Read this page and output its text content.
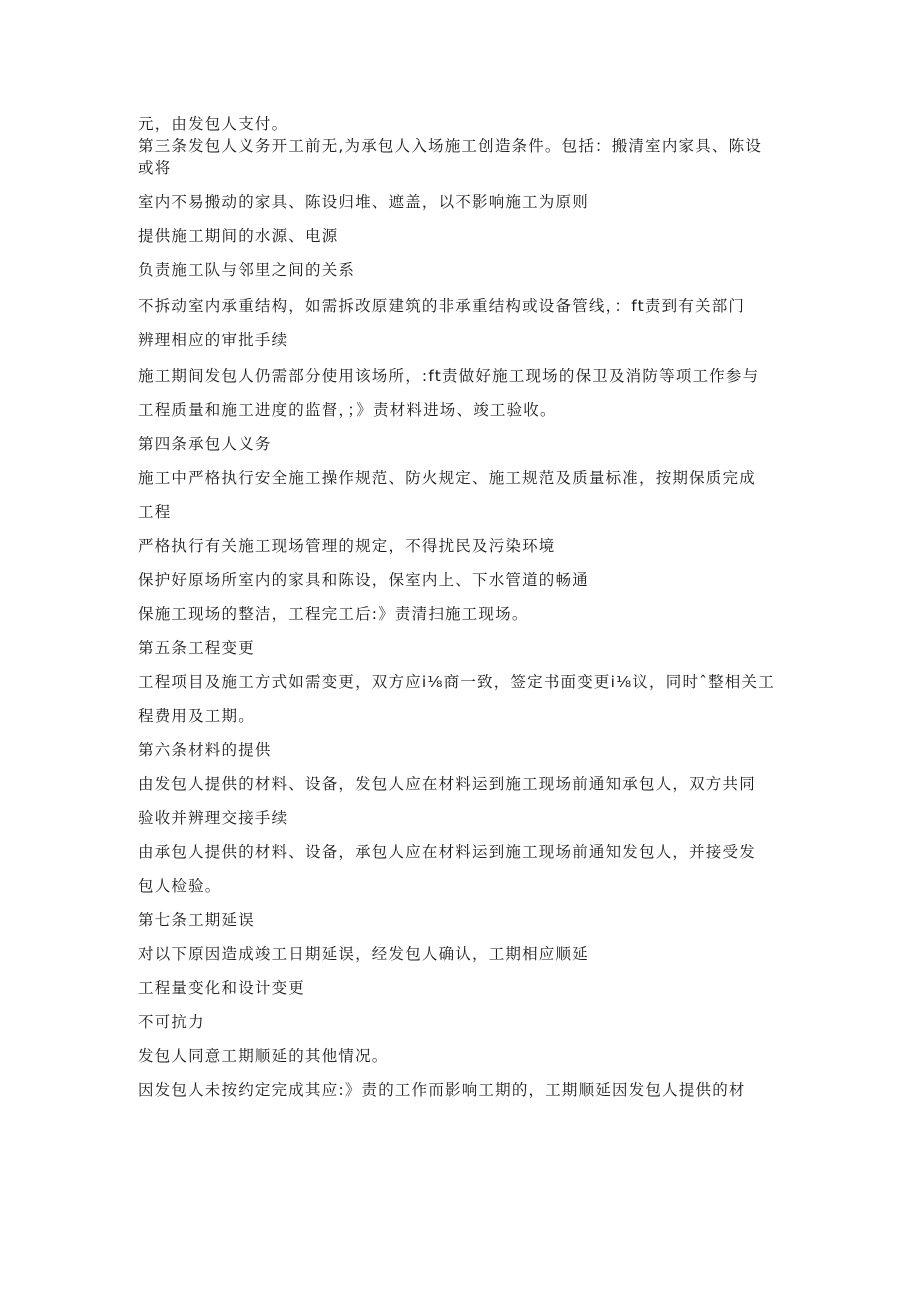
元，由发包人支付。
第三条发包人义务开工前无,为承包人入场施工创造条件。包括：搬清室内家具、陈设
或将
室内不易搬动的家具、陈设归堆、遮盖，以不影响施工为原则
提供施工期间的水源、电源
负责施工队与邻里之间的关系
不拆动室内承重结构，如需拆改原建筑的非承重结构或设备管线，：ft责到有关部门
辨理相应的审批手续
施工期间发包人仍需部分使用该场所，:ft责做好施工现场的保卫及消防等项工作参与
工程质量和施工进度的监督，；》责材料进场、竣工验收。
第四条承包人义务
施工中严格执行安全施工操作规范、防火规定、施工规范及质量标准，按期保质完成
工程
严格执行有关施工现场管理的规定，不得扰民及污染环境
保护好原场所室内的家具和陈设，保室内上、下水管道的畅通
保施工现场的整洁，工程完工后:》责清扫施工现场。
第五条工程变更
工程项目及施工方式如需变更，双方应i⅛商一致，签定书面变更i⅛议，同时ˆ整相关工
程费用及工期。
第六条材料的提供
由发包人提供的材料、设备，发包人应在材料运到施工现场前通知承包人，双方共同
验收并辨理交接手续
由承包人提供的材料、设备，承包人应在材料运到施工现场前通知发包人，并接受发
包人检验。
第七条工期延误
对以下原因造成竣工日期延误，经发包人确认，工期相应顺延
工程量变化和设计变更
不可抗力
发包人同意工期顺延的其他情况。
因发包人未按约定完成其应:》责的工作而影响工期的，工期顺延因发包人提供的材
